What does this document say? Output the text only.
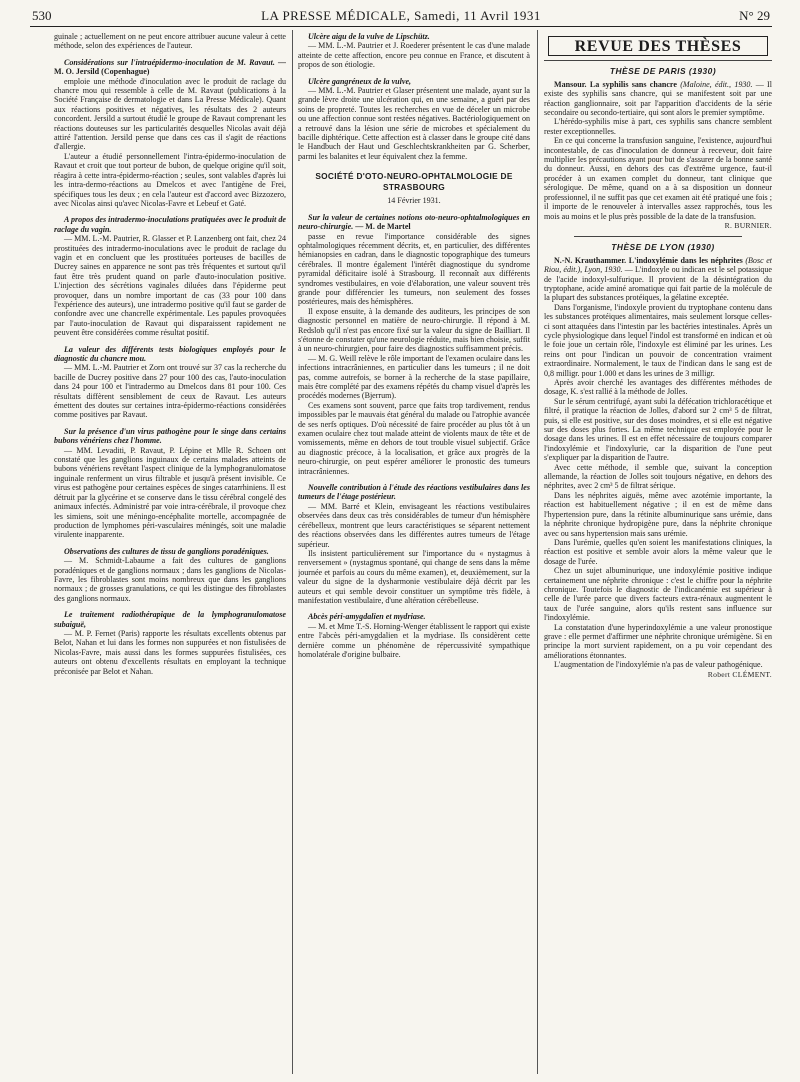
530	LA PRESSE MÉDICALE, Samedi, 11 Avril 1931	N° 29

guinale ; actuellement on ne peut encore attribuer aucune valeur à cette méthode, selon des expériences de l'auteur.

Considérations sur l'intraépidermo-inoculation de M. Ravaut. — M. O. Jersild (Copenhague)

emploie une méthode d'inoculation avec le produit de raclage du chancre mou qui ressemble à celle de M. Ravaut (publications à la Société Française de dermatologie et dans La Presse Médicale). Quant aux réactions positives et négatives, les résultats des 2 auteurs concordent. Jersild a surtout étudié le groupe de Ravaut comprenant les réactions douteuses sur les particularités desquelles Nicolas avait déjà attiré l'attention. Jersild pense que dans ces cas il s'agit de réactions d'allergie.

L'auteur a étudié personnellement l'intra-épidermo-inoculation de Ravaut et croit que tout porteur de bubon, de quelque origine qu'il soit, réagira à cette intra-épidermo-réaction ; seules, sont valables d'après lui les intra-dermo-réactions au Dmelcos et avec l'antigène de Frei, spécifiques tous les deux ; en cela l'auteur est d'accord avec Bizzozero, avec Nicolas ainsi qu'avec Nicolas-Favre et Lebeuf et Gaté.

A propos des intradermo-inoculations pratiquées avec le produit de raclage du vagin.

— MM. L.-M. Pautrier, R. Glasser et P. Lanzenberg ont fait, chez 24 prostituées des intradermo-inoculations avec le produit de raclage du vagin et en concluent que les prostituées porteuses de bacilles de Ducrey saines en apparence ne sont pas très fréquentes et surtout qu'il faut être très prudent quand on parle d'auto-inoculation positive. L'injection des sécrétions vaginales diluées dans l'épiderme peut provoquer, dans un nombre important de cas (33 pour 100 dans l'expérience des auteurs), une intradermo positive qu'il faut se garder de confondre avec une chancrelle expérimentale. Les papules provoquées par l'auto-inoculation de Ravaut qui disparaissent rapidement ne peuvent être considérées comme résultat positif.

La valeur des différents tests biologiques employés pour le diagnostic du chancre mou.

— MM. L.-M. Pautrier et Zorn ont trouvé sur 37 cas la recherche du bacille de Ducrey positive dans 27 pour 100 des cas, l'auto-inoculation dans 24 pour 100 et l'intradermo au Dmelcos dans 81 pour 100. Ces résultats diffèrent sensiblement de ceux de Ravaut. Les auteurs émettent des doutes sur certaines intra-épidermo-réactions considérées comme positives par Ravaut.

Sur la présence d'un virus pathogène pour le singe dans certains bubons vénériens chez l'homme.

— MM. Levaditi, P. Ravaut, P. Lépine et Mlle R. Schoen ont constaté que les ganglions inguinaux de certains malades atteints de bubons vénériens revêtant l'aspect clinique de la lymphogranulomatose inguinale renferment un virus filtrable et jusqu'à présent invisible. Ce virus est pathogène pour certaines espèces de singes catarrhiniens. Il est détruit par la glycérine et se conserve dans le tissu cérébral congelé des animaux infectés. Administré par voie intra-cérébrale, il provoque chez les simiens, soit une méningo-encéphalite mortelle, accompagnée de production de lymphomes péri-vasculaires méningés, soit une maladie virulente inapparente.

Observations des cultures de tissu de ganglions poradéniques.

— M. Schmidt-Labaume a fait des cultures de ganglions poradéniques et de ganglions normaux ; dans les ganglions de Nicolas-Favre, les fibroblastes sont moins nombreux que dans les ganglions normaux ; de grosses granulations, ce qui les distingue des fibroblastes des ganglions normaux.

Le traitement radiothérapique de la lymphogranulomatose subaiguë,

— M. P. Fernet (Paris) rapporte les résultats excellents obtenus par Belot, Nahan et lui dans les formes non suppurées et non fistulisées de Nicolas-Favre, mais aussi dans les formes suppurées fistulisées, ces auteurs ont obtenu d'excellents résultats en employant la technique préconisée par Belot et Nahan.

Ulcère aigu de la vulve de Lipschütz.

— MM. L.-M. Pautrier et J. Roederer présentent le cas d'une malade atteinte de cette affection, encore peu connue en France, et discutent à propos de son étiologie.

Ulcère gangréneux de la vulve,

— MM. L.-M. Pautrier et Glaser présentent une malade, ayant sur la grande lèvre droite une ulcération qui, en une semaine, a guéri par des soins de propreté. Toutes les recherches en vue de déceler un microbe ou une affection connue sont restées négatives. Bactériologiquement on a retrouvé dans la lésion une série de microbes et spécialement du bacille diphtérique. Cette affection est à classer dans le groupe cité dans le Handbuch der Haut und Geschlechtskrankheiten par G. Scherber, parmi les balanites et leur équivalent chez la femme.

SOCIÉTÉ D'OTO-NEURO-OPHTALMOLOGIE DE STRASBOURG

14 Février 1931.

Sur la valeur de certaines notions oto-neuro-ophtalmologiques en neuro-chirurgie. — M. de Martel

passe en revue l'importance considérable des signes ophtalmologiques récemment décrits, et, en particulier, des différentes hémianopsies en cadran, dans le diagnostic topographique des tumeurs cérébrales. Il montre également l'intérêt diagnostique du syndrome pyramidal déficitaire isolé à Strasbourg. Il reconnaît aux différents syndromes vestibulaires, en voie d'élaboration, une valeur souvent très grande pour différencier les tumeurs, non seulement des fosses postérieures, mais des hémisphères.

Il expose ensuite, à la demande des auditeurs, les principes de son diagnostic personnel en matière de neuro-chirurgie. Il répond à M. Redslob qu'il n'est pas encore fixé sur la valeur du signe de Bailliart. Il s'étonne de constater qu'une neurologie réduite, mais bien choisie, suffit à un neuro-chirurgien, pour faire des diagnostics suffisamment précis.

— M. G. Weill relève le rôle important de l'examen oculaire dans les infections intracrâniennes, en particulier dans les tumeurs ; il ne doit pas, comme autrefois, se borner à la recherche de la stase papillaire, mais être complété par des examens répétés du champ visuel d'après les procédés modernes (Bjerrum).

Ces examens sont souvent, parce que faits trop tardivement, rendus impossibles par le mauvais état général du malade ou l'atrophie avancée de ses nerfs optiques. D'où nécessité de faire procéder au plus tôt à un examen oculaire chez tout malade atteint de violents maux de tête et de vomissements, même en dehors de tout trouble visuel subjectif. Grâce au diagnostic précoce, à la localisation, et grâce aux progrès de la neuro-chirurgie, on peut espérer améliorer le pronostic des tumeurs intracrâniennes.

Nouvelle contribution à l'étude des réactions vestibulaires dans les tumeurs de l'étage postérieur.

— MM. Barré et Klein, envisageant les réactions vestibulaires observées dans deux cas très considérables de tumeur d'un hémisphère cérébelleux, montrent que leurs caractéristiques se séparent nettement des réactions observées dans les différentes autres tumeurs de l'étage supérieur.

Ils insistent particulièrement sur l'importance du « nystagmus à renversement » (nystagmus spontané, qui change de sens dans la même journée et parfois au cours du même examen), et, deuxièmement, sur la valeur du signe de la dysharmonie vestibulaire déjà décrit par les auteurs et qui semble devoir constituer un symptôme très fidèle, à manifestation vestibulaire, d'une altération cérébelleuse.

Abcès péri-amygdalien et mydriase.

— M. et Mme T.-S. Horning-Wenger établissent le rapport qui existe entre l'abcès péri-amygdalien et la mydriase. Ils considèrent cette dernière comme un phénomène de répercussivité sympathique homolatérale d'origine bulbaire.

REVUE DES THÈSES

THÈSE DE PARIS (1930)

Mansour. La syphilis sans chancre (Maloine, édit., 1930. — Il existe des syphilis sans chancre, qui se manifestent soit par une réaction ganglionnaire, soit par l'apparition d'accidents de la série secondaire ou secondo-tertiaire, qui sont alors le premier symptôme.

L'hérédo-syphilis mise à part, ces syphilis sans chancre semblent rester exceptionnelles.

En ce qui concerne la transfusion sanguine, l'existence, aujourd'hui incontestable, de cas d'inoculation de donneur à receveur, doit faire multiplier les précautions ayant pour but de s'assurer de la bonne santé du donneur. Aussi, en dehors des cas d'extrême urgence, faut-il procéder à un examen complet du donneur, tant clinique que sérologique. De même, quand on a à sa disposition un donneur professionnel, il ne suffit pas que cet examen ait été pratiqué une fois ; il importe de le renouveler à intervalles assez rapprochés, tous les mois au moins et le plus près possible de la date de la transfusion.

R. BURNIER.

THÈSE DE LYON (1930)

N.-N. Krauthammer. L'indoxylémie dans les néphrites (Bosc et Riou, édit.), Lyon, 1930. — L'indoxyle ou indican est le sel potassique de l'acide indoxyl-sulfurique. Il provient de la désintégration du tryptophane, acide aminé aromatique qui fait partie de la molécule de la plupart des substances protéiques, la gélatine exceptée.

Dans l'organisme, l'indoxyle provient du tryptophane contenu dans les substances protéiques alimentaires, mais seulement lorsque celles-ci sont attaquées dans l'intestin par les bactéries intestinales. Après un cycle physiologique dans lequel l'indol est transformé en indican et où le foie joue un certain rôle, l'indoxyle est éliminé par les urines. Les reins ont pour l'indican un pouvoir de concentration vraiment extraordinaire. Normalement, le taux de l'indican dans le sang est de 0,8 milligr. pour 1.000 et dans les urines de 3 milligr.

Après avoir cherché les avantages des différentes méthodes de dosage, K. s'est rallié à la méthode de Jolles.

Sur le sérum centrifugé, ayant subi la défécation trichloracétique et filtré, il pratique la réaction de Jolles, d'abord sur 2 cm³ 5 de filtrat, puis, si elle est positive, sur des doses moindres, et si elle est négative sur des doses plus fortes. La même technique est employée pour le dosage dans les urines. Il est en effet nécessaire de toujours comparer l'indoxylémie et l'indoxylurie, car la disparition de l'une peut s'expliquer par la disparition de l'autre.

Avec cette méthode, il semble que, suivant la conception allemande, la réaction de Jolles soit toujours négative, en dehors des néphrites, avec 2 cm³ 5 de filtrat sérique.

Dans les néphrites aiguës, même avec azotémie importante, la réaction est habituellement négative ; il en est de même dans l'hypertension pure, dans la rétinite albuminurique sans urémie, dans la néphrite chronique hydropigène pure, dans la néphrite chronique avec ou sans hypertension mais sans urémie.

Dans l'urémie, quelles qu'en soient les manifestations cliniques, la réaction est positive et semble avoir alors la même valeur que le dosage de l'urée.

Chez un sujet albuminurique, une indoxylémie positive indique certainement une néphrite chronique : c'est le chiffre pour la néphrite chronique. Toutefois le diagnostic de l'indicanémie est supérieur à celle de l'urée parce que divers facteurs extra-rénaux augmentent le taux de l'urée sanguine, alors qu'ils restent sans influence sur l'indoxylémie.

La constatation d'une hyperindoxylémie a une valeur pronostique grave : elle permet d'affirmer une néphrite chronique urémigène. Si en principe la mort survient rapidement, on a pu voir cependant des améliorations étonnantes.

L'augmentation de l'indoxylémie n'a pas de valeur pathogénique.

Robert CLÉMENT.
